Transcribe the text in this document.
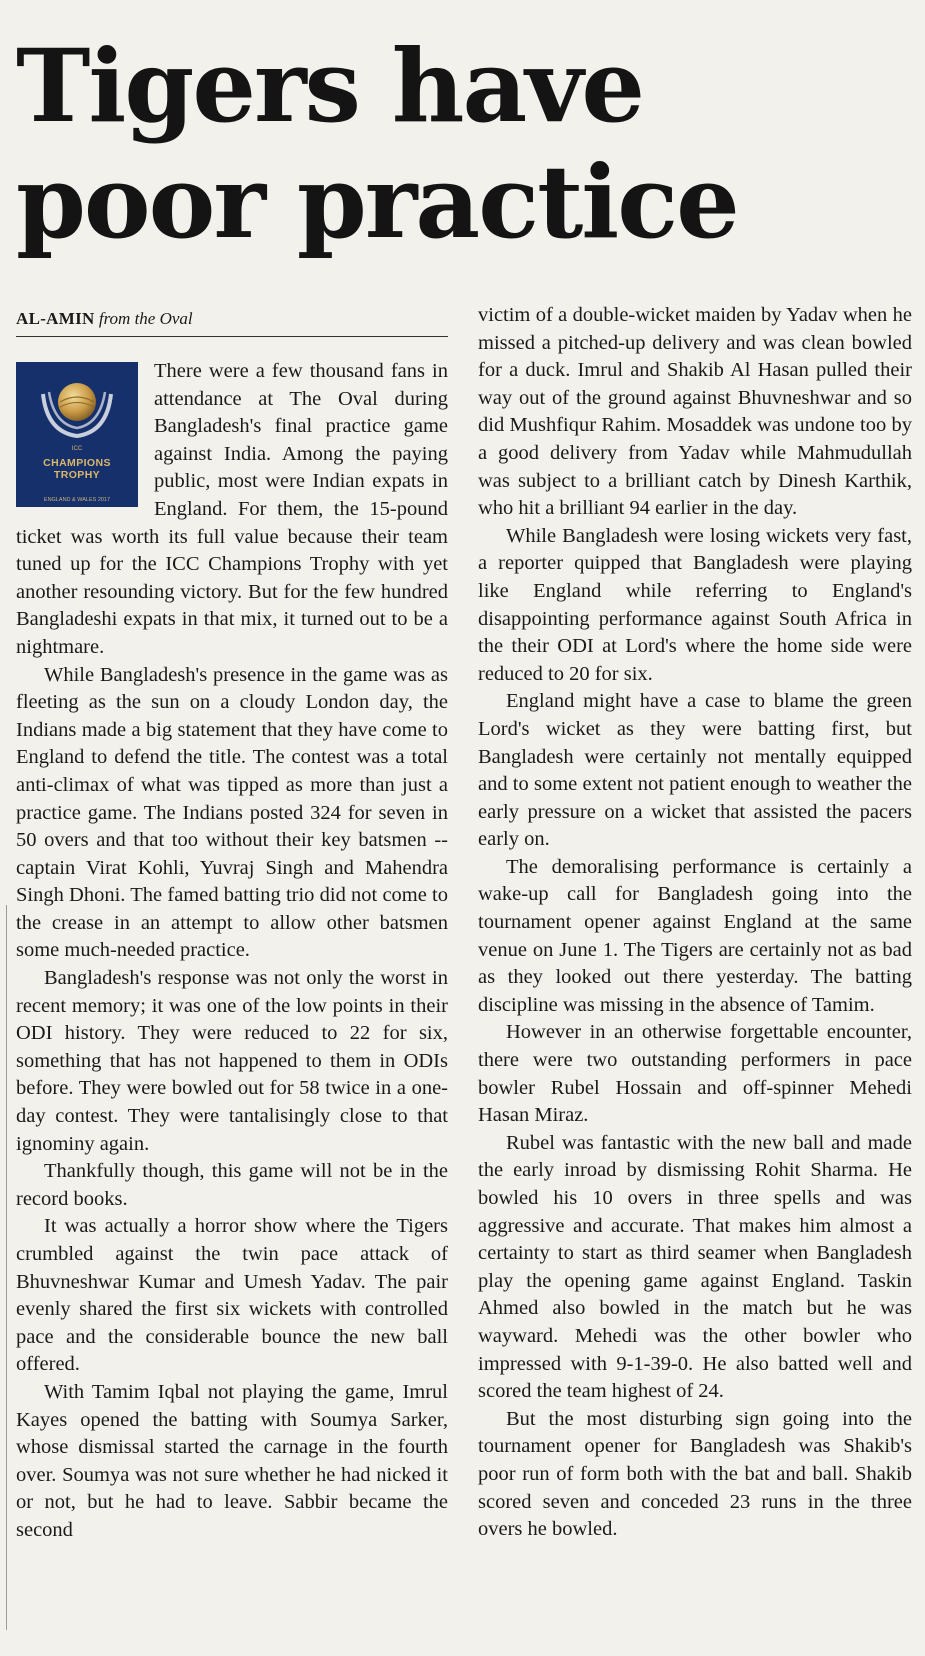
Tigers have
poor practice
AL-AMIN from the Oval
ICC
CHAMPIONS
TROPHY
ENGLAND & WALES 2017

There were a few thousand fans in attendance at The Oval during Bangladesh's final practice game against India. Among the paying public, most were Indian expats in England. For them, the 15-pound ticket was worth its full value because their team tuned up for the ICC Champions Trophy with yet another resounding victory. But for the few hundred Bangladeshi expats in that mix, it turned out to be a nightmare.

While Bangladesh's presence in the game was as fleeting as the sun on a cloudy London day, the Indians made a big statement that they have come to England to defend the title. The contest was a total anti-climax of what was tipped as more than just a practice game. The Indians posted 324 for seven in 50 overs and that too without their key batsmen -- captain Virat Kohli, Yuvraj Singh and Mahendra Singh Dhoni. The famed batting trio did not come to the crease in an attempt to allow other batsmen some much-needed practice.

Bangladesh's response was not only the worst in recent memory; it was one of the low points in their ODI history. They were reduced to 22 for six, something that has not happened to them in ODIs before. They were bowled out for 58 twice in a one-day contest. They were tantalisingly close to that ignominy again.

Thankfully though, this game will not be in the record books.

It was actually a horror show where the Tigers crumbled against the twin pace attack of Bhuvneshwar Kumar and Umesh Yadav. The pair evenly shared the first six wickets with controlled pace and the considerable bounce the new ball offered.

With Tamim Iqbal not playing the game, Imrul Kayes opened the batting with Soumya Sarker, whose dismissal started the carnage in the fourth over. Soumya was not sure whether he had nicked it or not, but he had to leave. Sabbir became the second

victim of a double-wicket maiden by Yadav when he missed a pitched-up delivery and was clean bowled for a duck. Imrul and Shakib Al Hasan pulled their way out of the ground against Bhuvneshwar and so did Mushfiqur Rahim. Mosaddek was undone too by a good delivery from Yadav while Mahmudullah was subject to a brilliant catch by Dinesh Karthik, who hit a brilliant 94 earlier in the day.

While Bangladesh were losing wickets very fast, a reporter quipped that Bangladesh were playing like England while referring to England's disappointing performance against South Africa in the their ODI at Lord's where the home side were reduced to 20 for six.

England might have a case to blame the green Lord's wicket as they were batting first, but Bangladesh were certainly not mentally equipped and to some extent not patient enough to weather the early pressure on a wicket that assisted the pacers early on.

The demoralising performance is certainly a wake-up call for Bangladesh going into the tournament opener against England at the same venue on June 1. The Tigers are certainly not as bad as they looked out there yesterday. The batting discipline was missing in the absence of Tamim.

However in an otherwise forgettable encounter, there were two outstanding performers in pace bowler Rubel Hossain and off-spinner Mehedi Hasan Miraz.

Rubel was fantastic with the new ball and made the early inroad by dismissing Rohit Sharma. He bowled his 10 overs in three spells and was aggressive and accurate. That makes him almost a certainty to start as third seamer when Bangladesh play the opening game against England. Taskin Ahmed also bowled in the match but he was wayward. Mehedi was the other bowler who impressed with 9-1-39-0. He also batted well and scored the team highest of 24.

But the most disturbing sign going into the tournament opener for Bangladesh was Shakib's poor run of form both with the bat and ball. Shakib scored seven and conceded 23 runs in the three overs he bowled.
